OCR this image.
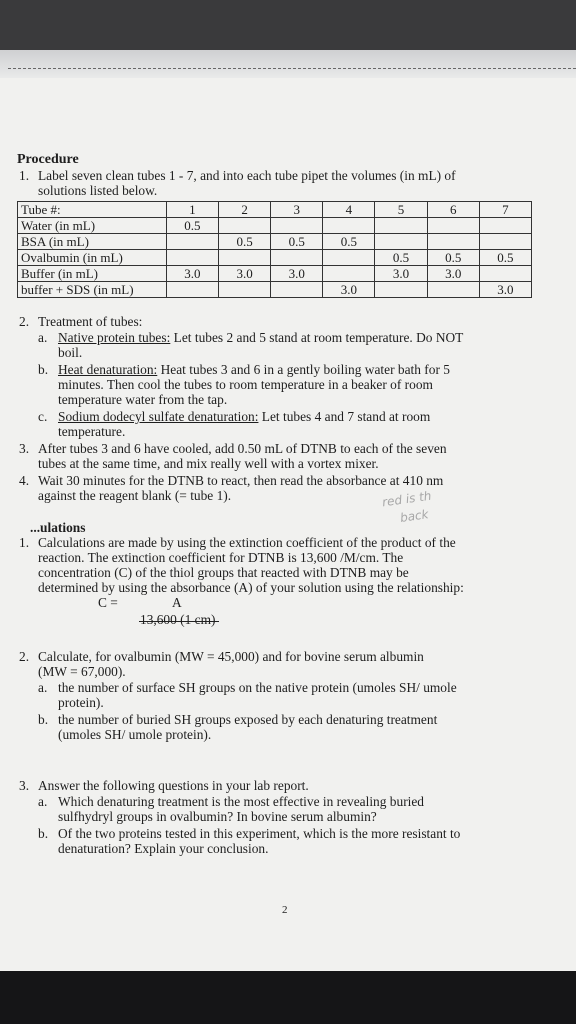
Procedure
1. Label seven clean tubes 1 - 7, and into each tube pipet the volumes (in mL) of
solutions listed below.
Tube #:	1	2	3	4	5	6	7
Water (in mL)	0.5						
BSA (in mL)		0.5	0.5	0.5			
Ovalbumin (in mL)					0.5	0.5	0.5
Buffer (in mL)	3.0	3.0	3.0		3.0	3.0	
buffer + SDS (in mL)				3.0			3.0
2. Treatment of tubes:
a. Native protein tubes: Let tubes 2 and 5 stand at room temperature. Do NOT
boil.
b. Heat denaturation: Heat tubes 3 and 6 in a gently boiling water bath for 5
minutes. Then cool the tubes to room temperature in a beaker of room
temperature water from the tap.
c. Sodium dodecyl sulfate denaturation: Let tubes 4 and 7 stand at room
temperature.
3. After tubes 3 and 6 have cooled, add 0.50 mL of DTNB to each of the seven
tubes at the same time, and mix really well with a vortex mixer.
4. Wait 30 minutes for the DTNB to react, then read the absorbance at 410 nm
against the reagent blank (= tube 1).	red is th
back
...ulations
1. Calculations are made by using the extinction coefficient of the product of the
reaction. The extinction coefficient for DTNB is 13,600 /M/cm. The
concentration (C) of the thiol groups that reacted with DTNB may be
determined by using the absorbance (A) of your solution using the relationship:
C =	A
13,600 (1 cm)
2. Calculate, for ovalbumin (MW = 45,000) and for bovine serum albumin
(MW = 67,000).
a. the number of surface SH groups on the native protein (umoles SH/ umole
protein).
b. the number of buried SH groups exposed by each denaturing treatment
(umoles SH/ umole protein).
3. Answer the following questions in your lab report.
a. Which denaturing treatment is the most effective in revealing buried
sulfhydryl groups in ovalbumin? In bovine serum albumin?
b. Of the two proteins tested in this experiment, which is the more resistant to
denaturation? Explain your conclusion.
2
